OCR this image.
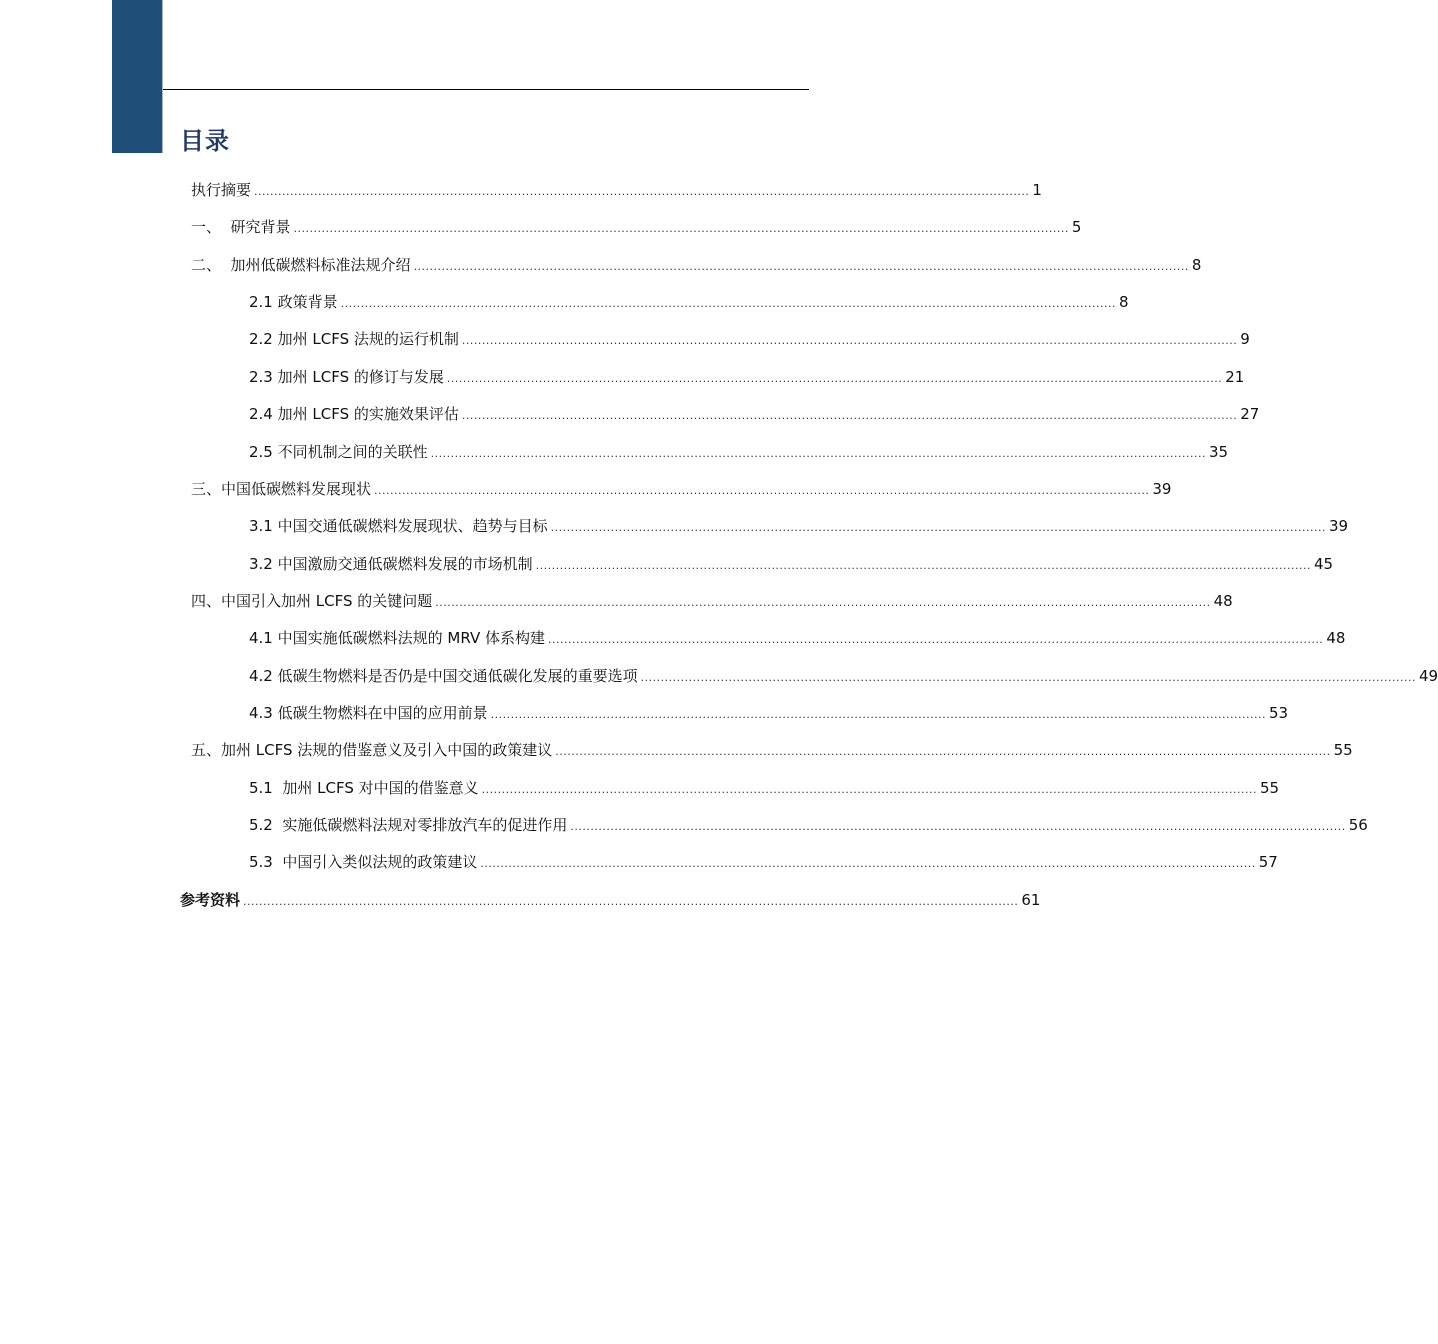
目录
执行摘要 .................................................................................................................................................................................................. 1
一、 研究背景 .................................................................................................................................................................................................. 5
二、 加州低碳燃料标准法规介绍 .................................................................................................................................................................................................. 8
2.1 政策背景 .................................................................................................................................................................................................. 8
2.2 加州 LCFS 法规的运行机制 .................................................................................................................................................................................................. 9
2.3 加州 LCFS 的修订与发展 .................................................................................................................................................................................................. 21
2.4 加州 LCFS 的实施效果评估 .................................................................................................................................................................................................. 27
2.5 不同机制之间的关联性 .................................................................................................................................................................................................. 35
三、中国低碳燃料发展现状 .................................................................................................................................................................................................. 39
3.1 中国交通低碳燃料发展现状、趋势与目标 .................................................................................................................................................................................................. 39
3.2 中国激励交通低碳燃料发展的市场机制 .................................................................................................................................................................................................. 45
四、中国引入加州 LCFS 的关键问题 .................................................................................................................................................................................................. 48
4.1 中国实施低碳燃料法规的 MRV 体系构建 .................................................................................................................................................................................................. 48
4.2 低碳生物燃料是否仍是中国交通低碳化发展的重要选项 .................................................................................................................................................................................................. 49
4.3 低碳生物燃料在中国的应用前景 .................................................................................................................................................................................................. 53
五、加州 LCFS 法规的借鉴意义及引入中国的政策建议 .................................................................................................................................................................................................. 55
5.1 加州 LCFS 对中国的借鉴意义 .................................................................................................................................................................................................. 55
5.2 实施低碳燃料法规对零排放汽车的促进作用 .................................................................................................................................................................................................. 56
5.3 中国引入类似法规的政策建议 .................................................................................................................................................................................................. 57
参考资料 .................................................................................................................................................................................................. 61
